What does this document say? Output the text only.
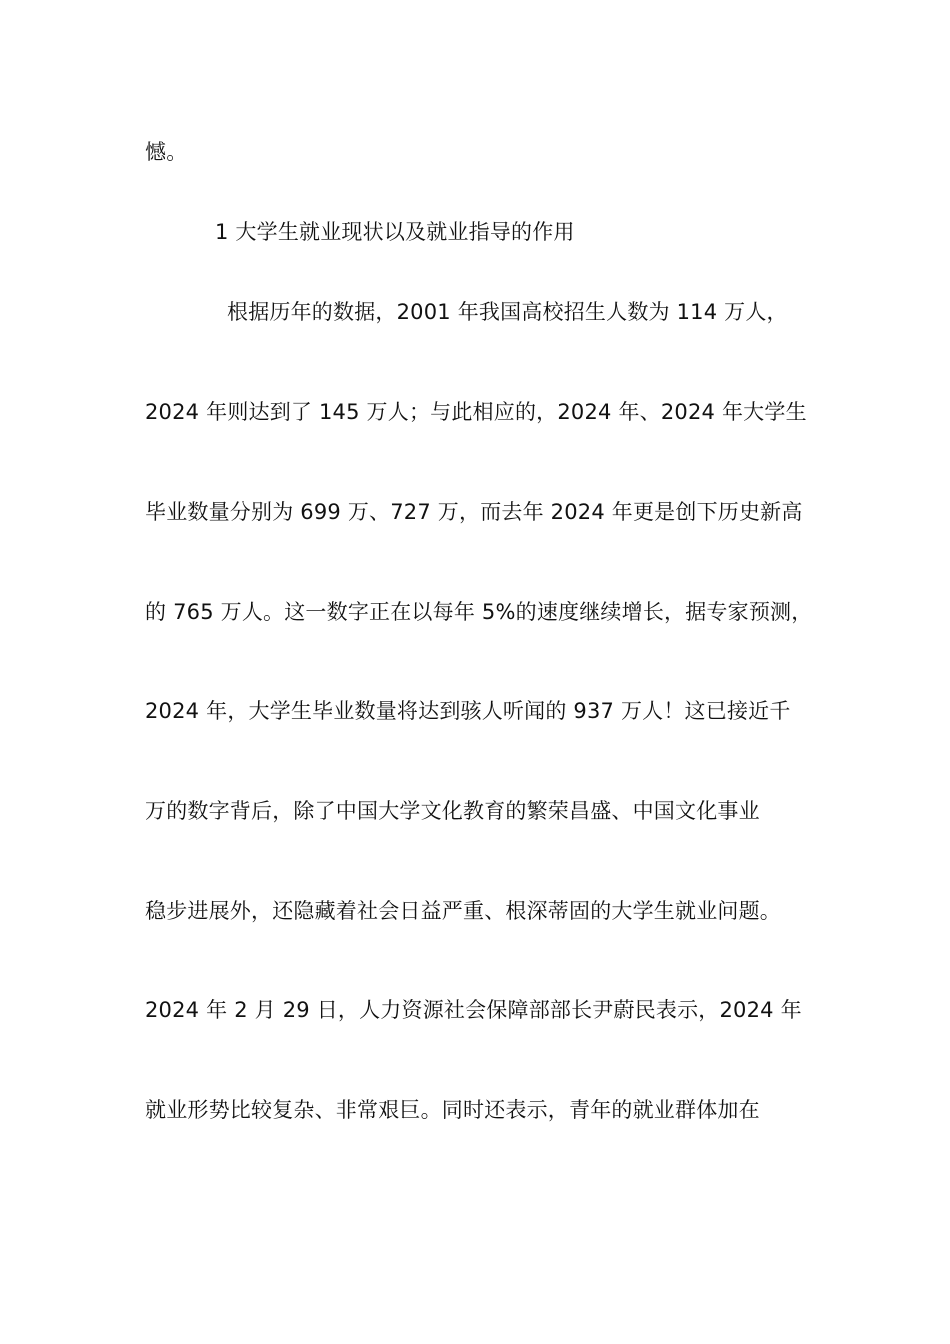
憾。
1 大学生就业现状以及就业指导的作用
根据历年的数据，2001 年我国高校招生人数为 114 万人，
2024 年则达到了 145 万人；与此相应的，2024 年、2024 年大学生
毕业数量分别为 699 万、727 万，而去年 2024 年更是创下历史新高
的 765 万人。这一数字正在以每年 5%的速度继续增长，据专家预测，
2024 年，大学生毕业数量将达到骇人听闻的 937 万人！这已接近千
万的数字背后，除了中国大学文化教育的繁荣昌盛、中国文化事业
稳步进展外，还隐藏着社会日益严重、根深蒂固的大学生就业问题。
2024 年 2 月 29 日，人力资源社会保障部部长尹蔚民表示，2024 年
就业形势比较复杂、非常艰巨。同时还表示，青年的就业群体加在
